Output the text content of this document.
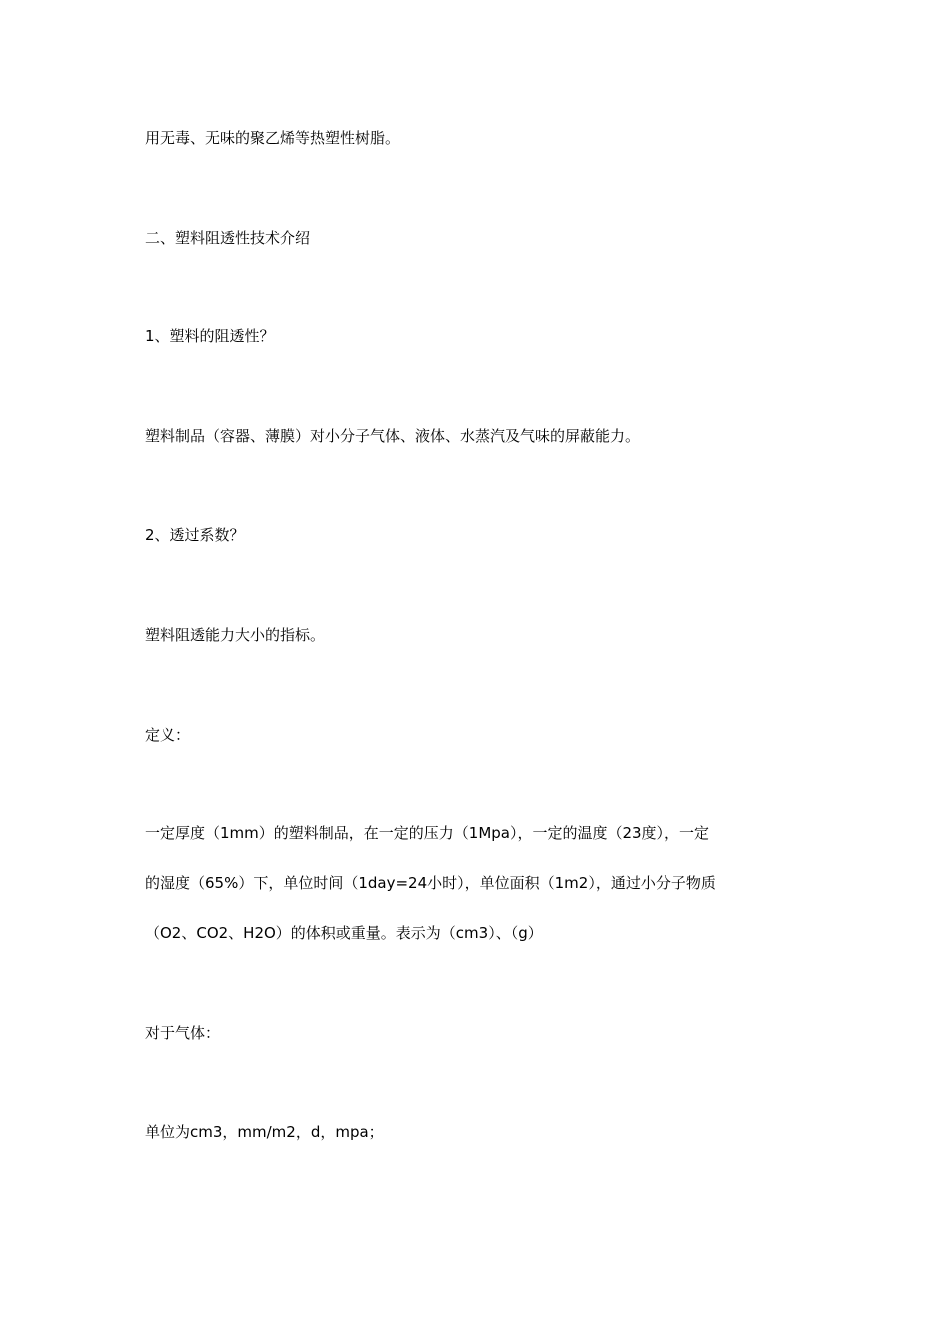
用无毒、无味的聚乙烯等热塑性树脂。
二、塑料阻透性技术介绍
1、塑料的阻透性？
塑料制品（容器、薄膜）对小分子气体、液体、水蒸汽及气味的屏蔽能力。
2、透过系数？
塑料阻透能力大小的指标。
定义：
一定厚度（1mm）的塑料制品，在一定的压力（1Mpa），一定的温度（23度），一定
的湿度（65%）下，单位时间（1day=24小时），单位面积（1m2），通过小分子物质
（O2、CO2、H2O）的体积或重量。表示为（cm3）、（g）
对于气体：
单位为cm3，mm/m2，d，mpa；
